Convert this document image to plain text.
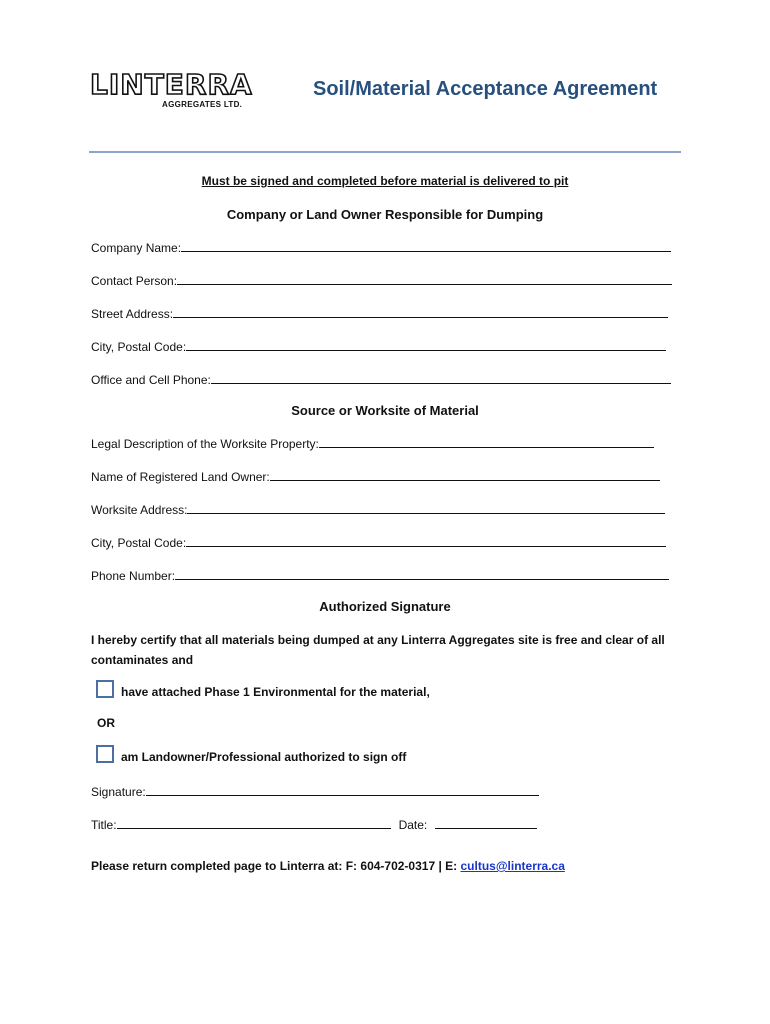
LINTERRA
AGGREGATES LTD.
Soil/Material Acceptance Agreement
Must be signed and completed before material is delivered to pit
Company or Land Owner Responsible for Dumping
Company Name:
Contact Person:
Street Address:
City, Postal Code:
Office and Cell Phone:
Source or Worksite of Material
Legal Description of the Worksite Property:
Name of Registered Land Owner:
Worksite Address:
City, Postal Code:
Phone Number:
Authorized Signature
I hereby certify that all materials being dumped at any Linterra Aggregates site is free and clear of all contaminates and
have attached Phase 1 Environmental for the material,
OR
am Landowner/Professional authorized to sign off
Signature:
Title:	Date:
Please return completed page to Linterra at: F: 604-702-0317 | E: cultus@linterra.ca
